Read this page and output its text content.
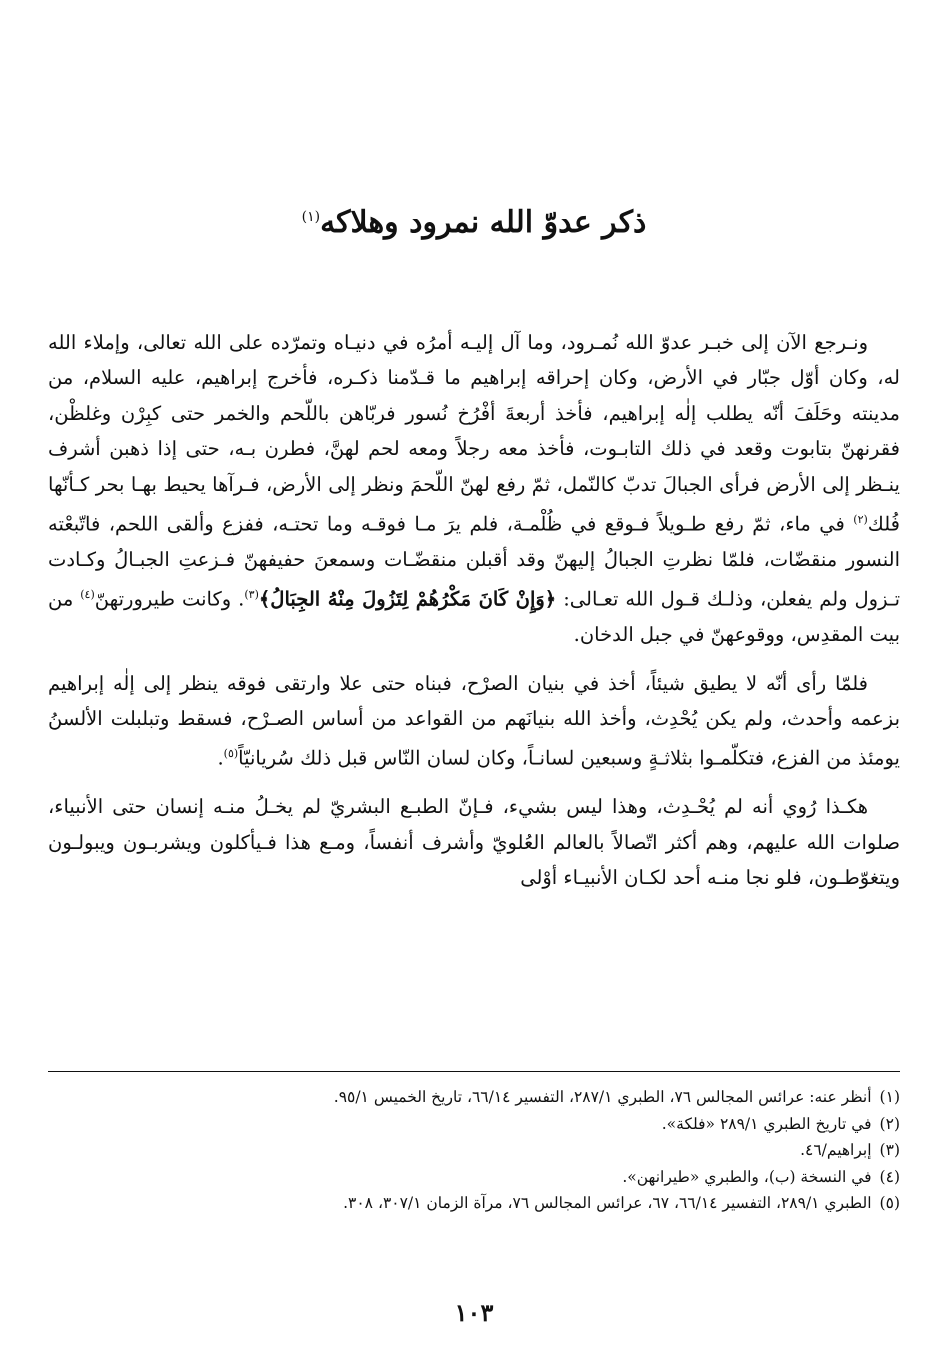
ذكر عدوّ الله نمرود وهلاكه$^{(١)}$

ونـرجع الآن إلى خبـر عدوّ الله نُمـرود، وما آل إليـه أمرُه في دنيـاه وتمرّده على الله تعالى، وإملاء الله له، وكان أوّل جبّار في الأرض، وكان إحراقه إبراهيم ما قـدّمنا ذكـره، فأخرج إبراهيم، عليه السلام، من مدينته وحَلَفَ أنّه يطلب إلٰه إبراهيم، فأخذ أربعةَ أفْرُخ نُسور فربّاهن باللّحم والخمر حتى كبِرْن وغلظْن، فقرنهنّ بتابوت وقعد في ذلك التابـوت، فأخذ معه رجلاً ومعه لحم لهنَّ، فطرن بـه، حتى إذا ذهبن أشرف ينـظر إلى الأرض فرأى الجبالَ تدبّ كالنّمل، ثمّ رفع لهنّ اللّحمَ ونظر إلى الأرض، فـرآها يحيط بهـا بحر كـأنّها فُلك$^{(٢)}$ في ماء، ثمّ رفع طـويلاً فـوقع في ظُلْمـة، فلم يرَ مـا فوقـه وما تحتـه، ففزع وألقى اللحم، فاتّبعْته النسور منقضّات، فلمّا نظرتِ الجبالُ إليهنّ وقد أقبلن منقضّـات وسمعنَ حفيفهنّ فـزعتِ الجبـالُ وكـادت تـزول ولم يفعلن، وذلـك قـول الله تعـالى: ﴿وَإِنْ كَانَ مَكْرُهُمْ لِتَزُولَ مِنْهُ الجِبَالُ﴾$^{(٣)}$. وكانت طيرورتهنّ$^{(٤)}$ من بيت المقدِس، ووقوعهنّ في جبل الدخان.

فلمّا رأى أنّه لا يطيق شيئاً، أخذ في بنيان الصرْح، فبناه حتى علا وارتقى فوقه ينظر إلى إلٰه إبراهيم بزعمه وأحدث، ولم يكن يُحْدِث، وأخذ الله بنيانَهم من القواعد من أساس الصـرْح، فسقط وتبلبلت الألسنُ يومئذ من الفزع، فتكلّمـوا بثلاثـةٍ وسبعين لسانـاً، وكان لسان النّاس قبل ذلك سُريانيّاً$^{(٥)}$.

هكـذا رُوي أنه لم يُحْـدِث، وهذا ليس بشيء، فـإنّ الطبـع البشريّ لم يخـلُ منـه إنسان حتى الأنبياء، صلوات الله عليهم، وهم أكثر اتّصالاً بالعالم العُلويّ وأشرف أنفساً، ومـع هذا فـيأكلون ويشربـون ويبولـون ويتغوّطـون، فلو نجا منـه أحد لكـان الأنبيـاء أوْلى

(١)أنظر عنه: عرائس المجالس ٧٦، الطبري ٢٨٧/١، التفسير ٦٦/١٤، تاريخ الخميس ٩٥/١.
(٢)في تاريخ الطبري ٢٨٩/١ «فلكة».
(٣)إبراهيم/٤٦.
(٤)في النسخة (ب)، والطبري «طيرانهن».
(٥)الطبري ٢٨٩/١، التفسير ٦٦/١٤، ٦٧، عرائس المجالس ٧٦، مرآة الزمان ٣٠٧/١، ٣٠٨.
١٠٣
